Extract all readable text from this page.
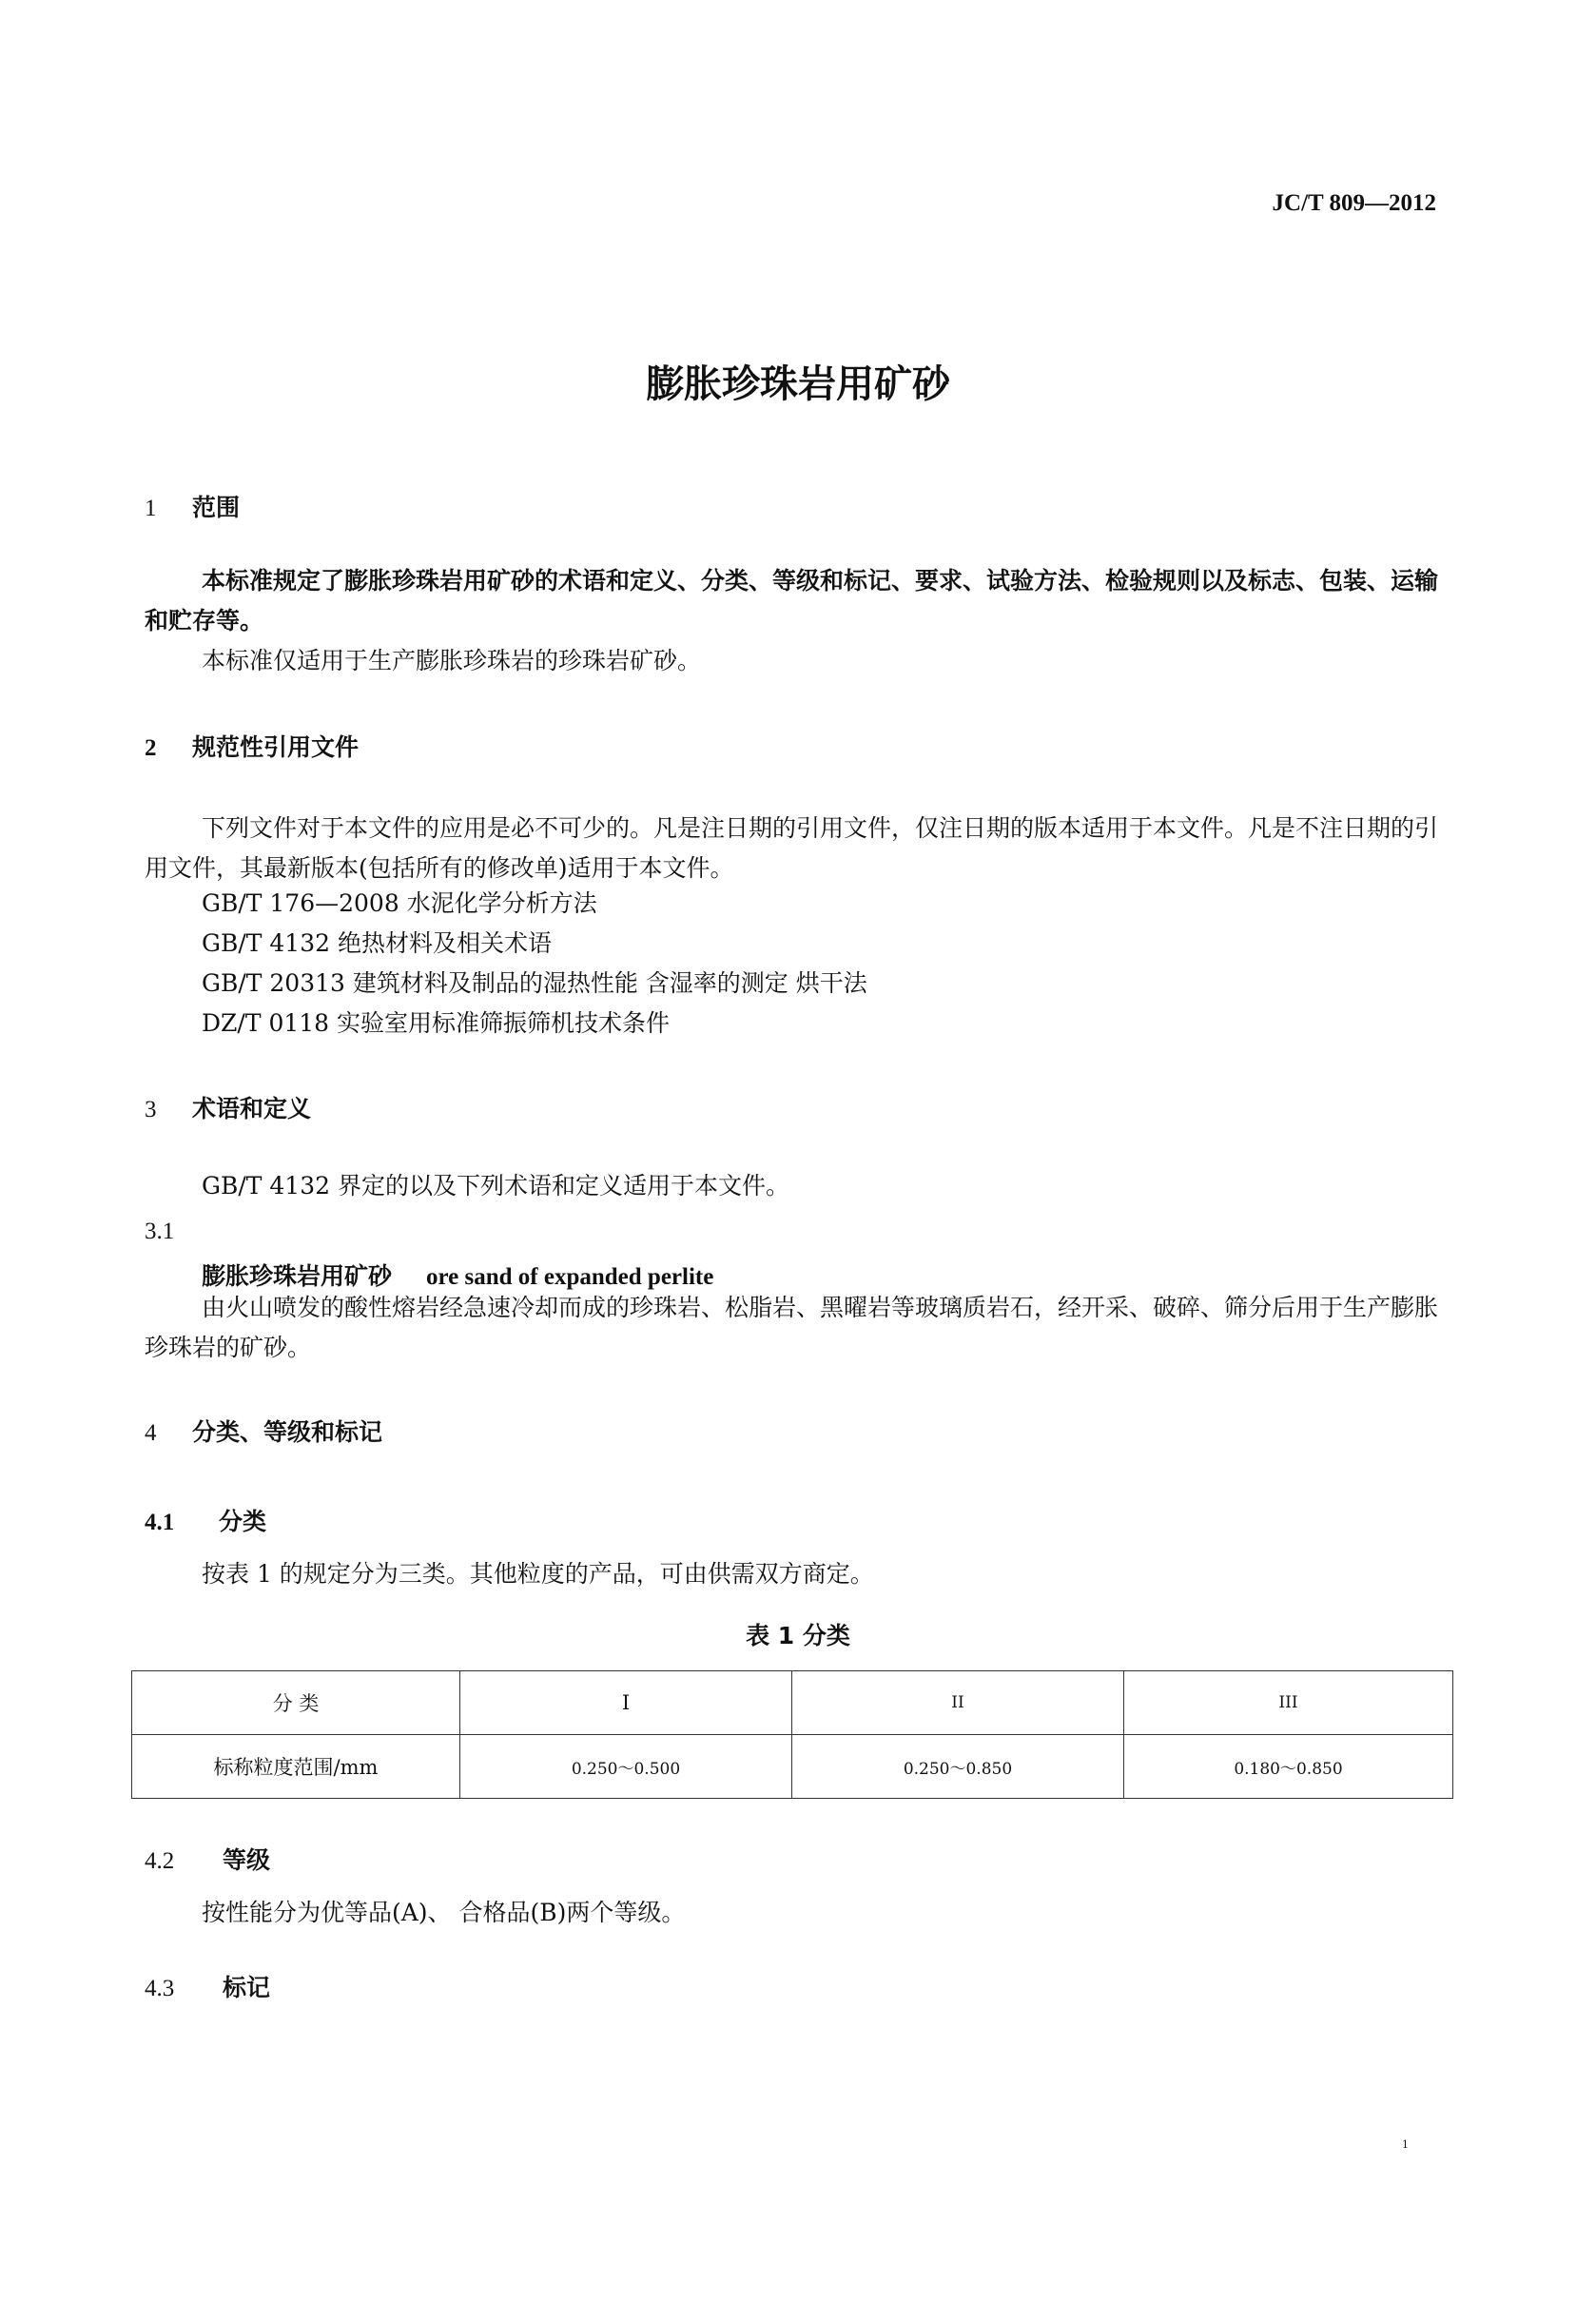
JC/T 809—2012
膨胀珍珠岩用矿砂
1 范围
本标准规定了膨胀珍珠岩用矿砂的术语和定义、分类、等级和标记、要求、试验方法、检验规则以及标志、包装、运输和贮存等。
本标准仅适用于生产膨胀珍珠岩的珍珠岩矿砂。
2 规范性引用文件
下列文件对于本文件的应用是必不可少的。凡是注日期的引用文件，仅注日期的版本适用于本文件。凡是不注日期的引用文件，其最新版本(包括所有的修改单)适用于本文件。
GB/T 176—2008 水泥化学分析方法
GB/T 4132 绝热材料及相关术语
GB/T 20313 建筑材料及制品的湿热性能 含湿率的测定 烘干法
DZ/T 0118 实验室用标准筛振筛机技术条件
3 术语和定义
GB/T 4132 界定的以及下列术语和定义适用于本文件。
3.1
膨胀珍珠岩用矿砂 ore sand of expanded perlite
由火山喷发的酸性熔岩经急速冷却而成的珍珠岩、松脂岩、黑曜岩等玻璃质岩石，经开采、破碎、筛分后用于生产膨胀珍珠岩的矿砂。
4 分类、等级和标记
4.1 分类
按表 1 的规定分为三类。其他粒度的产品，可由供需双方商定。
表 1 分类
分 类	I	II	III
标称粒度范围/mm	0.250～0.500	0.250～0.850	0.180～0.850
4.2 等级
按性能分为优等品(A)、 合格品(B)两个等级。
4.3 标记
1
